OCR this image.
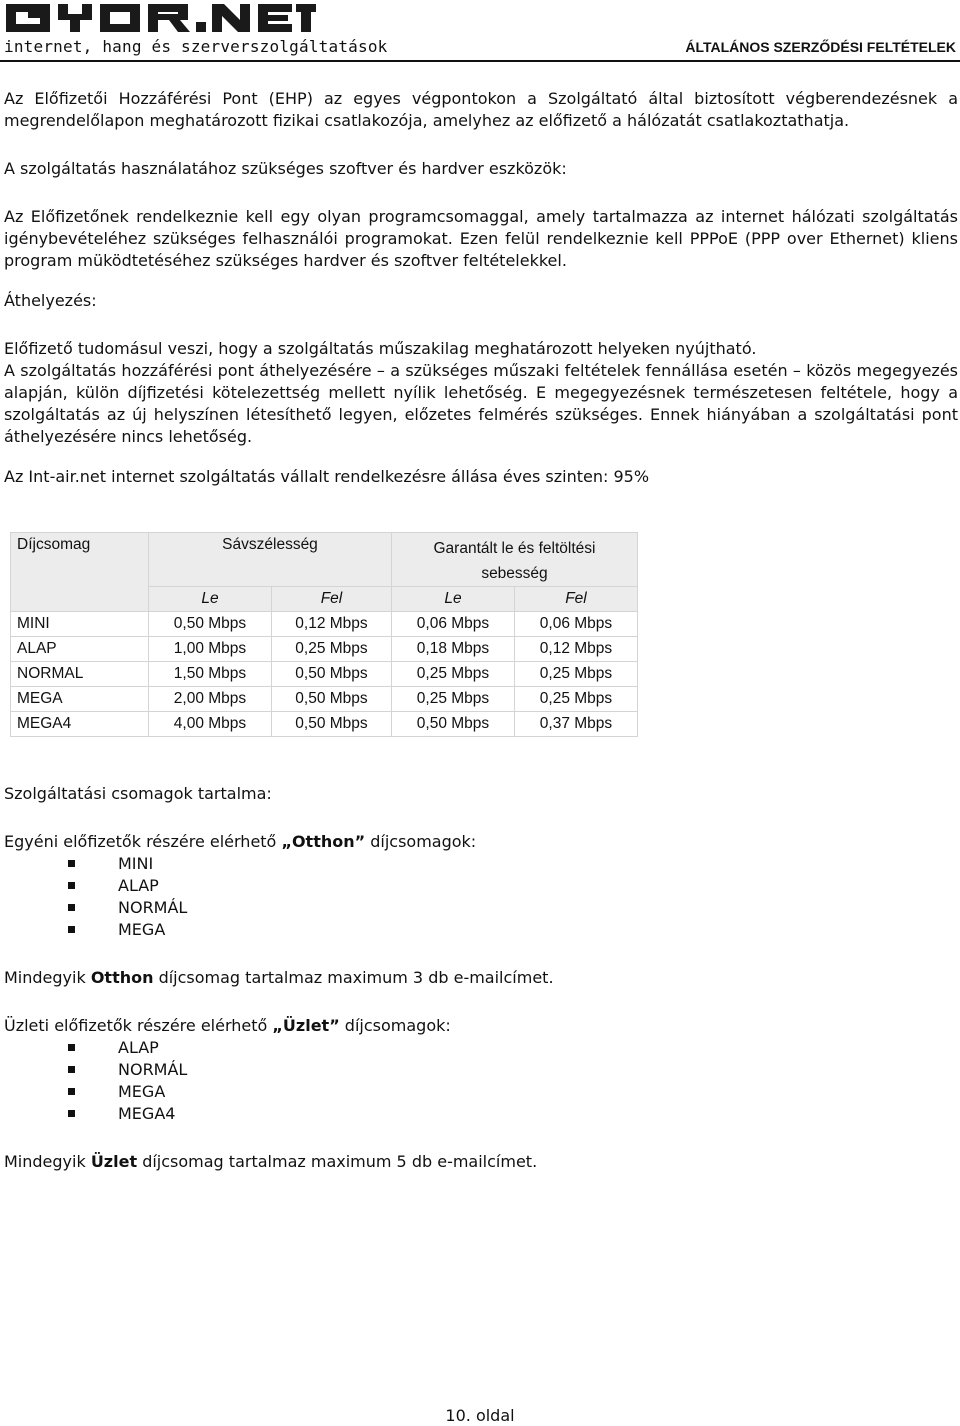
internet, hang és szerverszolgáltatások	ÁLTALÁNOS SZERZŐDÉSI FELTÉTELEK

Az Előfizetői Hozzáférési Pont (EHP) az egyes végpontokon a Szolgáltató által biztosított végberendezésnek a megrendelőlapon meghatározott fizikai csatlakozója, amelyhez az előfizető a hálózatát csatlakoztathatja.

A szolgáltatás használatához szükséges szoftver és hardver eszközök:

Az Előfizetőnek rendelkeznie kell egy olyan programcsomaggal, amely tartalmazza az internet hálózati szolgáltatás igénybevételéhez szükséges felhasználói programokat. Ezen felül rendelkeznie kell PPPoE (PPP over Ethernet) kliens program müködtetéséhez szükséges hardver és szoftver feltételekkel.

Áthelyezés:

Előfizető tudomásul veszi, hogy a szolgáltatás műszakilag meghatározott helyeken nyújtható.

A szolgáltatás hozzáférési pont áthelyezésére – a szükséges műszaki feltételek fennállása esetén – közös megegyezés alapján, külön díjfizetési kötelezettség mellett nyílik lehetőség. E megegyezésnek természetesen feltétele, hogy a szolgáltatás az új helyszínen létesíthető legyen, előzetes felmérés szükséges. Ennek hiányában a szolgáltatási pont áthelyezésére nincs lehetőség.

Az Int-air.net internet szolgáltatás vállalt rendelkezésre állása éves szinten: 95%

Díjcsomag	Sávszélesség		Garantált le és feltöltési sebesség	
	Le	Fel	Le	Fel
MINI	0,50 Mbps	0,12 Mbps	0,06 Mbps	0,06 Mbps
ALAP	1,00 Mbps	0,25 Mbps	0,18 Mbps	0,12 Mbps
NORMAL	1,50 Mbps	0,50 Mbps	0,25 Mbps	0,25 Mbps
MEGA	2,00 Mbps	0,50 Mbps	0,25 Mbps	0,25 Mbps
MEGA4	4,00 Mbps	0,50 Mbps	0,50 Mbps	0,37 Mbps

Szolgáltatási csomagok tartalma:

Egyéni előfizetők részére elérhető „Otthon” díjcsomagok:

MINI
ALAP
NORMÁL
MEGA

Mindegyik Otthon díjcsomag tartalmaz maximum 3 db e-mailcímet.

Üzleti előfizetők részére elérhető „Üzlet” díjcsomagok:

ALAP
NORMÁL
MEGA
MEGA4

Mindegyik Üzlet díjcsomag tartalmaz maximum 5 db e-mailcímet.

10. oldal
